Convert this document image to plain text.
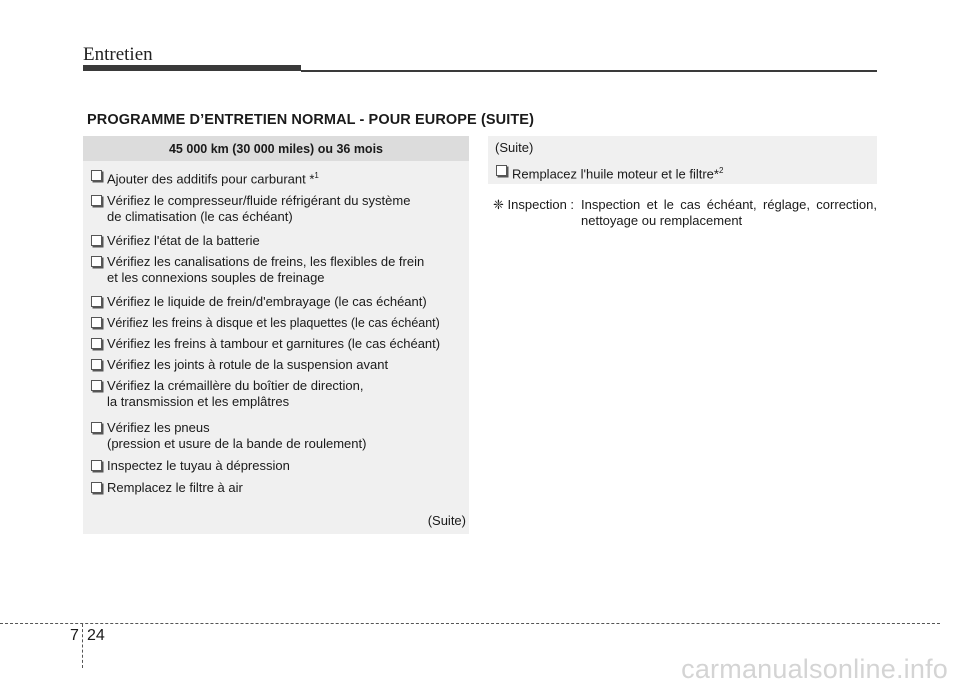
Entretien
PROGRAMME D’ENTRETIEN NORMAL - POUR EUROPE (SUITE)
45 000 km (30 000 miles) ou 36 mois
Ajouter des additifs pour carburant *$^1$
Vérifiez le compresseur/fluide réfrigérant du système
de climatisation (le cas échéant)
Vérifiez l'état de la batterie
Vérifiez les canalisations de freins, les flexibles de frein
et les connexions souples de freinage
Vérifiez le liquide de frein/d'embrayage (le cas échéant)
Vérifiez les freins à disque et les plaquettes (le cas échéant)
Vérifiez les freins à tambour et garnitures (le cas échéant)
Vérifiez les joints à rotule de la suspension avant
Vérifiez la crémaillère du boîtier de direction,
la transmission et les emplâtres
Vérifiez les pneus
(pression et usure de la bande de roulement)
Inspectez le tuyau à dépression
Remplacez le filtre à air
(Suite)
(Suite)
Remplacez l'huile moteur et le filtre*$^2$
❈ Inspection : Inspection et le cas échéant, réglage, correction, nettoyage ou remplacement
7 24
carmanualsonline.info
